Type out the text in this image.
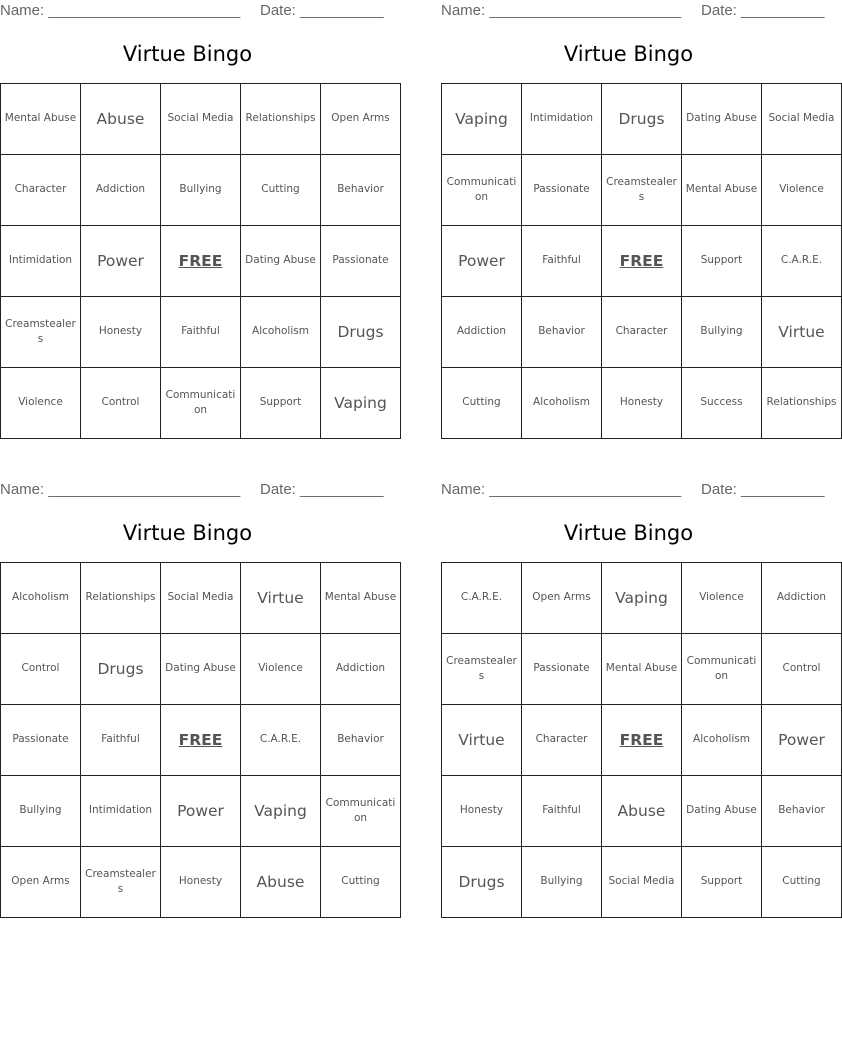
Name: _______________________ Date: __________
Virtue Bingo
Mental Abuse	Abuse	Social Media	Relationships	Open Arms
Character	Addiction	Bullying	Cutting	Behavior
Intimidation	Power	FREE	Dating Abuse	Passionate
Creamstealers	Honesty	Faithful	Alcoholism	Drugs
Violence	Control	Communication	Support	Vaping
Name: _______________________ Date: __________
Virtue Bingo
Vaping	Intimidation	Drugs	Dating Abuse	Social Media
Communication	Passionate	Creamstealers	Mental Abuse	Violence
Power	Faithful	FREE	Support	C.A.R.E.
Addiction	Behavior	Character	Bullying	Virtue
Cutting	Alcoholism	Honesty	Success	Relationships
Name: _______________________ Date: __________
Virtue Bingo
Alcoholism	Relationships	Social Media	Virtue	Mental Abuse
Control	Drugs	Dating Abuse	Violence	Addiction
Passionate	Faithful	FREE	C.A.R.E.	Behavior
Bullying	Intimidation	Power	Vaping	Communication
Open Arms	Creamstealers	Honesty	Abuse	Cutting
Name: _______________________ Date: __________
Virtue Bingo
C.A.R.E.	Open Arms	Vaping	Violence	Addiction
Creamstealers	Passionate	Mental Abuse	Communication	Control
Virtue	Character	FREE	Alcoholism	Power
Honesty	Faithful	Abuse	Dating Abuse	Behavior
Drugs	Bullying	Social Media	Support	Cutting
